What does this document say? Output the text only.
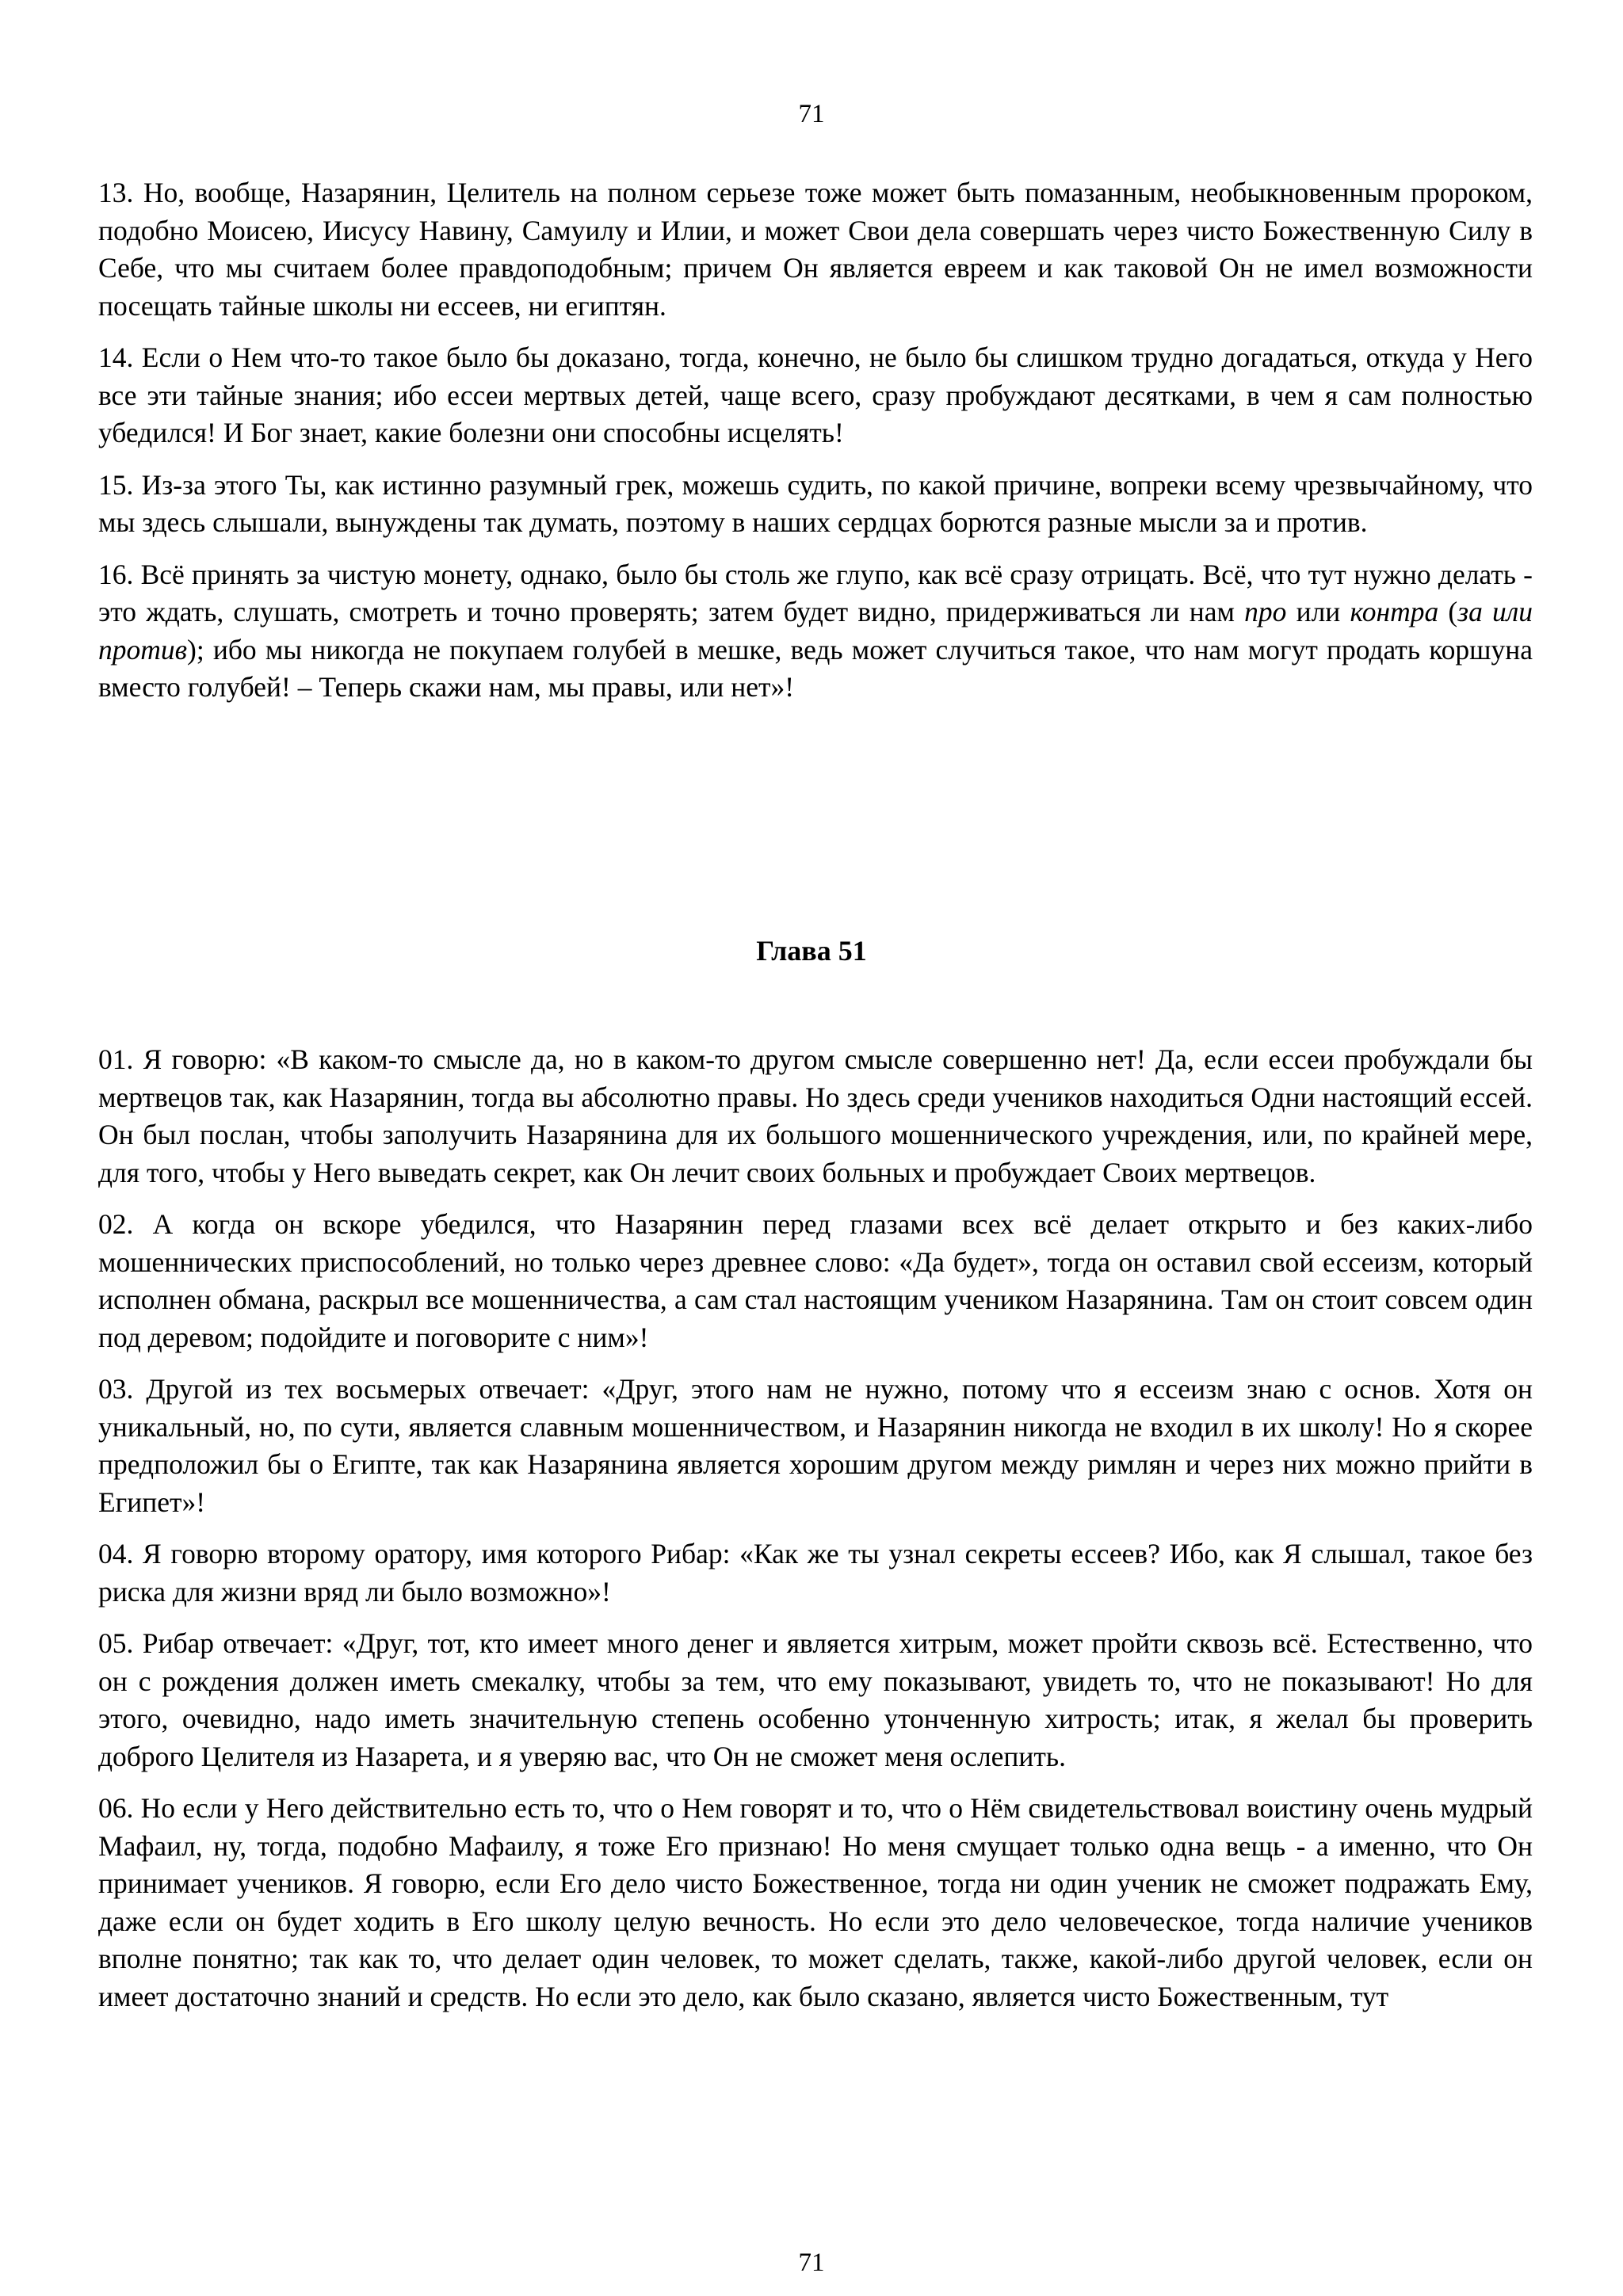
71

13. Но, вообще, Назарянин, Целитель на полном серьезе тоже может быть помазанным, необыкновенным пророком, подобно Моисею, Иисусу Навину, Самуилу и Илии, и может Свои дела совершать через чисто Божественную Силу в Себе, что мы считаем более правдоподобным; причем Он является евреем и как таковой Он не имел возможности посещать тайные школы ни ессеев, ни египтян.

14. Если о Нем что-то такое было бы доказано, тогда, конечно, не было бы слишком трудно догадаться, откуда у Него все эти тайные знания; ибо ессеи мертвых детей, чаще всего, сразу пробуждают десятками, в чем я сам полностью убедился! И Бог знает, какие болезни они способны исцелять!

15. Из-за этого Ты, как истинно разумный грек, можешь судить, по какой причине, вопреки всему чрезвычайному, что мы здесь слышали, вынуждены так думать, поэтому в наших сердцах борются разные мысли за и против.

16. Всё принять за чистую монету, однако, было бы столь же глупо, как всё сразу отрицать. Всё, что тут нужно делать - это ждать, слушать, смотреть и точно проверять; затем будет видно, придерживаться ли нам про или контра (за или против); ибо мы никогда не покупаем голубей в мешке, ведь может случиться такое, что нам могут продать коршуна вместо голубей! – Теперь скажи нам, мы правы, или нет»!

Глава 51

01. Я говорю: «В каком-то смысле да, но в каком-то другом смысле совершенно нет! Да, если ессеи пробуждали бы мертвецов так, как Назарянин, тогда вы абсолютно правы. Но здесь среди учеников находиться Одни настоящий ессей. Он был послан, чтобы заполучить Назарянина для их большого мошеннического учреждения, или, по крайней мере, для того, чтобы у Него выведать секрет, как Он лечит своих больных и пробуждает Своих мертвецов.

02. А когда он вскоре убедился, что Назарянин перед глазами всех всё делает открыто и без каких-либо мошеннических приспособлений, но только через древнее слово: «Да будет», тогда он оставил свой ессеизм, который исполнен обмана, раскрыл все мошенничества, а сам стал настоящим учеником Назарянина. Там он стоит совсем один под деревом; подойдите и поговорите с ним»!

03. Другой из тех восьмерых отвечает: «Друг, этого нам не нужно, потому что я ессеизм знаю с основ. Хотя он уникальный, но, по сути, является славным мошенничеством, и Назарянин никогда не входил в их школу! Но я скорее предположил бы о Египте, так как Назарянина является хорошим другом между римлян и через них можно прийти в Египет»!

04. Я говорю второму оратору, имя которого Рибар: «Как же ты узнал секреты ессеев? Ибо, как Я слышал, такое без риска для жизни вряд ли было возможно»!

05. Рибар отвечает: «Друг, тот, кто имеет много денег и является хитрым, может пройти сквозь всё. Естественно, что он с рождения должен иметь смекалку, чтобы за тем, что ему показывают, увидеть то, что не показывают! Но для этого, очевидно, надо иметь значительную степень особенно утонченную хитрость; итак, я желал бы проверить доброго Целителя из Назарета, и я уверяю вас, что Он не сможет меня ослепить.

06. Но если у Него действительно есть то, что о Нем говорят и то, что о Нём свидетельствовал воистину очень мудрый Мафаил, ну, тогда, подобно Мафаилу, я тоже Его признаю! Но меня смущает только одна вещь - а именно, что Он принимает учеников. Я говорю, если Его дело чисто Божественное, тогда ни один ученик не сможет подражать Ему, даже если он будет ходить в Его школу целую вечность. Но если это дело человеческое, тогда наличие учеников вполне понятно; так как то, что делает один человек, то может сделать, также, какой-либо другой человек, если он имеет достаточно знаний и средств. Но если это дело, как было сказано, является чисто Божественным, тут

71
